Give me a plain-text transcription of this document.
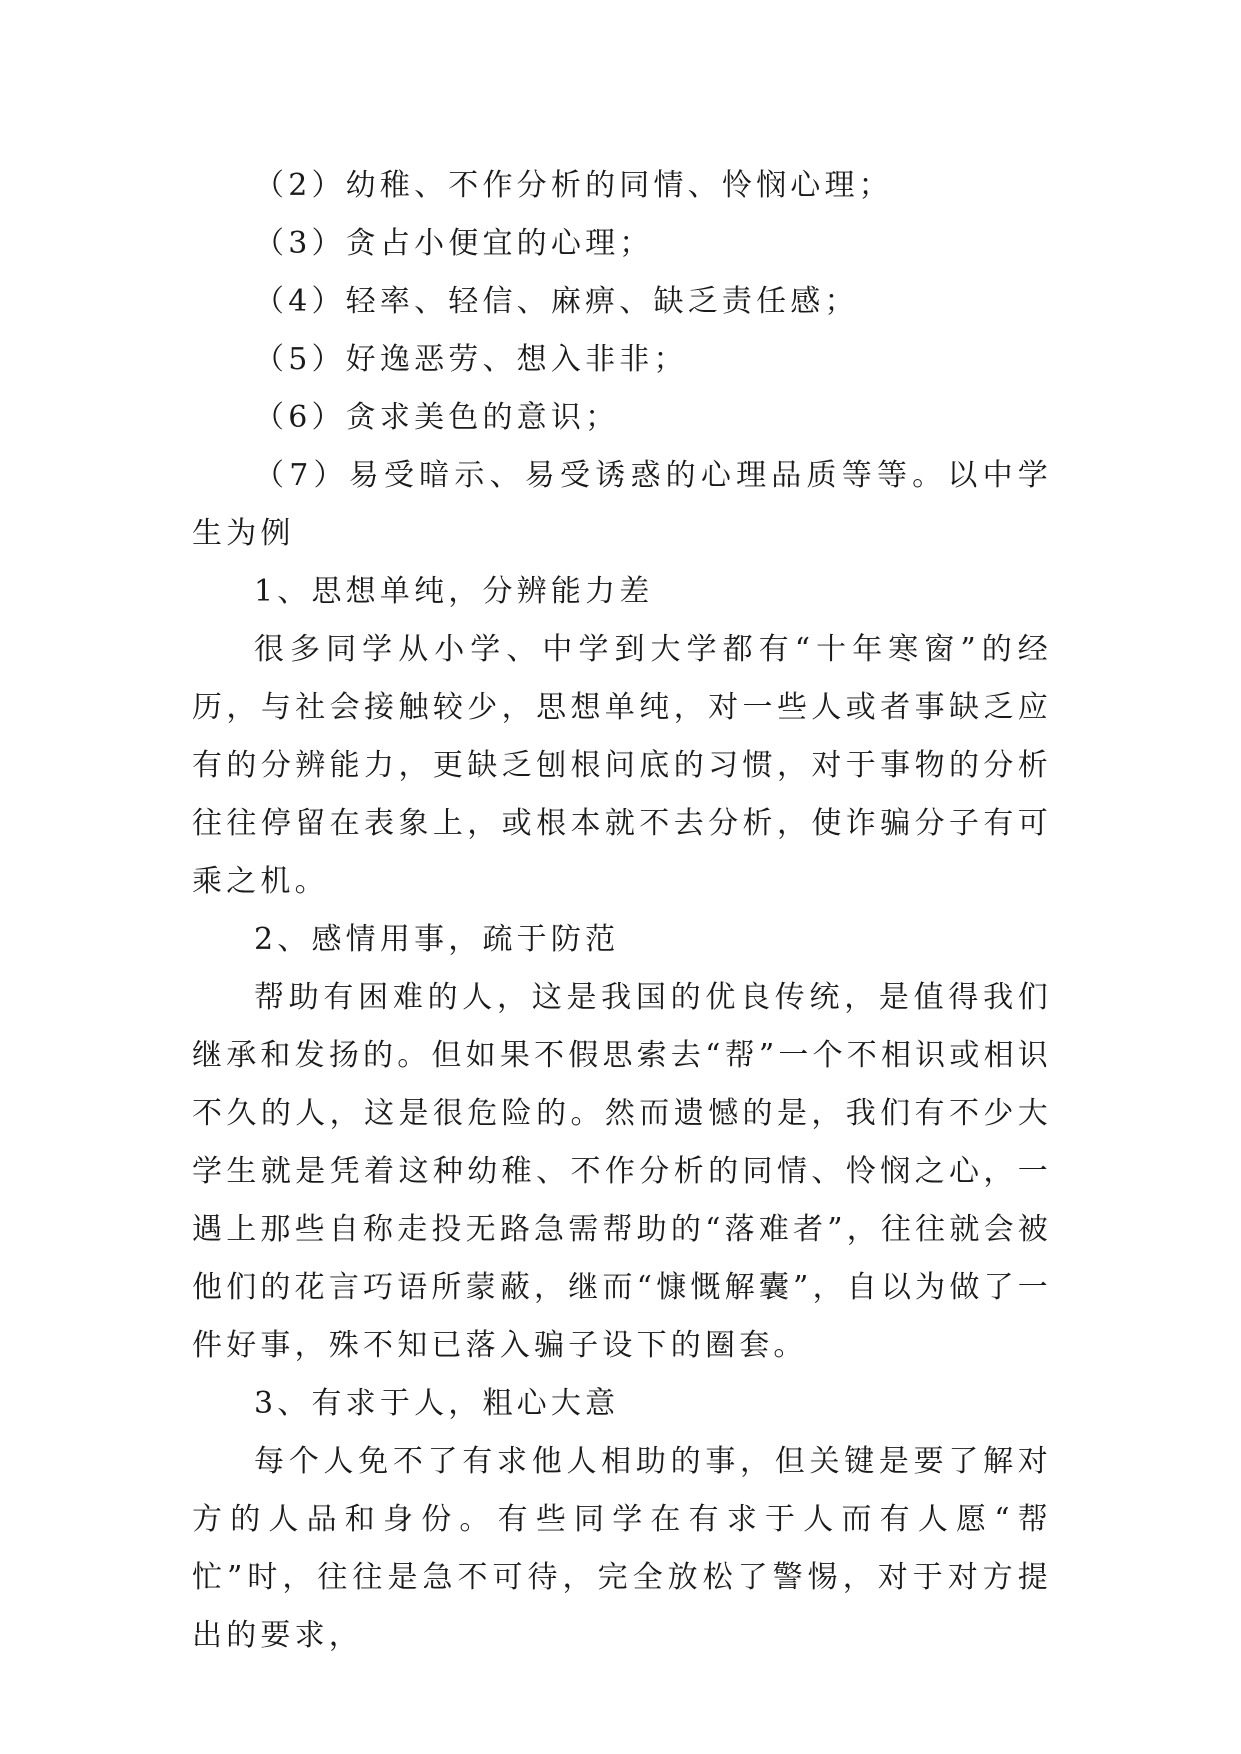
（2）幼稚、不作分析的同情、怜悯心理；

（3）贪占小便宜的心理；

（4）轻率、轻信、麻痹、缺乏责任感；

（5）好逸恶劳、想入非非；

（6）贪求美色的意识；

（7）易受暗示、易受诱惑的心理品质等等。以中学生为例

1、思想单纯，分辨能力差

很多同学从小学、中学到大学都有“十年寒窗”的经历，与社会接触较少，思想单纯，对一些人或者事缺乏应有的分辨能力，更缺乏刨根问底的习惯，对于事物的分析往往停留在表象上，或根本就不去分析，使诈骗分子有可乘之机。

2、感情用事，疏于防范

帮助有困难的人，这是我国的优良传统，是值得我们继承和发扬的。但如果不假思索去“帮”一个不相识或相识不久的人，这是很危险的。然而遗憾的是，我们有不少大学生就是凭着这种幼稚、不作分析的同情、怜悯之心，一遇上那些自称走投无路急需帮助的“落难者”，往往就会被他们的花言巧语所蒙蔽，继而“慷慨解囊”，自以为做了一件好事，殊不知已落入骗子设下的圈套。

3、有求于人，粗心大意

每个人免不了有求他人相助的事，但关键是要了解对方的人品和身份。有些同学在有求于人而有人愿“帮忙”时，往往是急不可待，完全放松了警惕，对于对方提出的要求，
